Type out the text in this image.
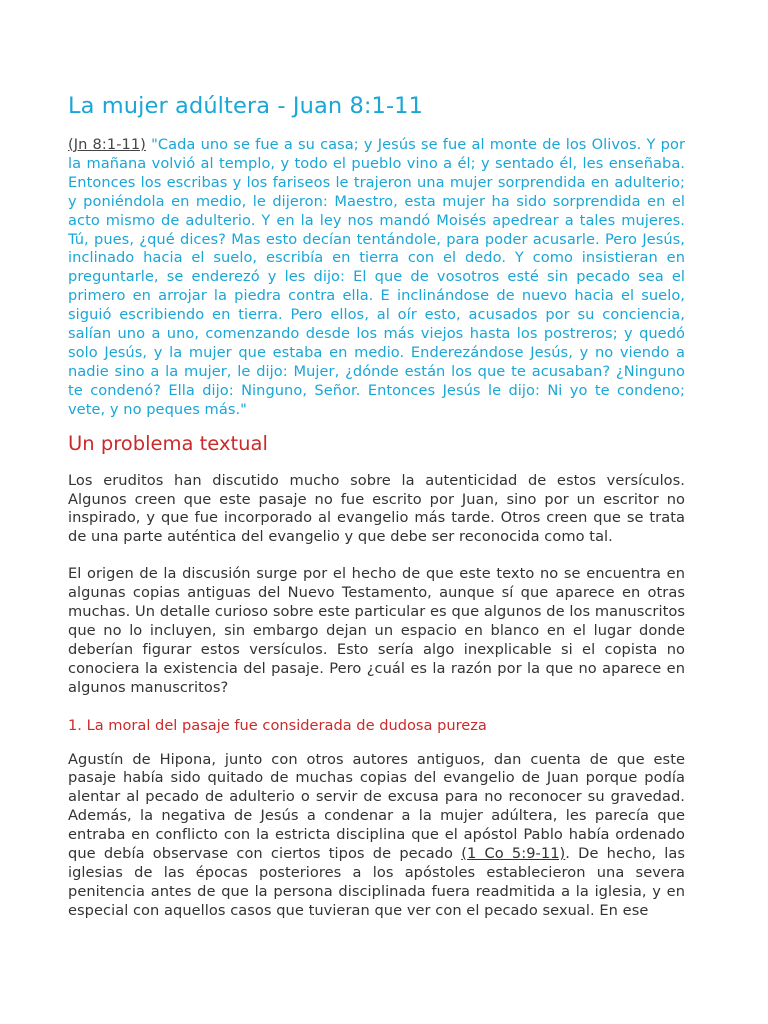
La mujer adúltera - Juan 8:1-11

(Jn 8:1-11) "Cada uno se fue a su casa; y Jesús se fue al monte de los Olivos. Y por la mañana volvió al templo, y todo el pueblo vino a él; y sentado él, les enseñaba. Entonces los escribas y los fariseos le trajeron una mujer sorprendida en adulterio; y poniéndola en medio, le dijeron: Maestro, esta mujer ha sido sorprendida en el acto mismo de adulterio. Y en la ley nos mandó Moisés apedrear a tales mujeres. Tú, pues, ¿qué dices? Mas esto decían tentándole, para poder acusarle. Pero Jesús, inclinado hacia el suelo, escribía en tierra con el dedo. Y como insistieran en preguntarle, se enderezó y les dijo: El que de vosotros esté sin pecado sea el primero en arrojar la piedra contra ella. E inclinándose de nuevo hacia el suelo, siguió escribiendo en tierra. Pero ellos, al oír esto, acusados por su conciencia, salían uno a uno, comenzando desde los más viejos hasta los postreros; y quedó solo Jesús, y la mujer que estaba en medio. Enderezándose Jesús, y no viendo a nadie sino a la mujer, le dijo: Mujer, ¿dónde están los que te acusaban? ¿Ninguno te condenó? Ella dijo: Ninguno, Señor. Entonces Jesús le dijo: Ni yo te condeno; vete, y no peques más."

Un problema textual

Los eruditos han discutido mucho sobre la autenticidad de estos versículos. Algunos creen que este pasaje no fue escrito por Juan, sino por un escritor no inspirado, y que fue incorporado al evangelio más tarde. Otros creen que se trata de una parte auténtica del evangelio y que debe ser reconocida como tal.

El origen de la discusión surge por el hecho de que este texto no se encuentra en algunas copias antiguas del Nuevo Testamento, aunque sí que aparece en otras muchas. Un detalle curioso sobre este particular es que algunos de los manuscritos que no lo incluyen, sin embargo dejan un espacio en blanco en el lugar donde deberían figurar estos versículos. Esto sería algo inexplicable si el copista no conociera la existencia del pasaje. Pero ¿cuál es la razón por la que no aparece en algunos manuscritos?

1. La moral del pasaje fue considerada de dudosa pureza

Agustín de Hipona, junto con otros autores antiguos, dan cuenta de que este pasaje había sido quitado de muchas copias del evangelio de Juan porque podía alentar al pecado de adulterio o servir de excusa para no reconocer su gravedad. Además, la negativa de Jesús a condenar a la mujer adúltera, les parecía que entraba en conflicto con la estricta disciplina que el apóstol Pablo había ordenado que debía observase con ciertos tipos de pecado (1 Co 5:9-11). De hecho, las iglesias de las épocas posteriores a los apóstoles establecieron una severa penitencia antes de que la persona disciplinada fuera readmitida a la iglesia, y en especial con aquellos casos que tuvieran que ver con el pecado sexual. En ese
